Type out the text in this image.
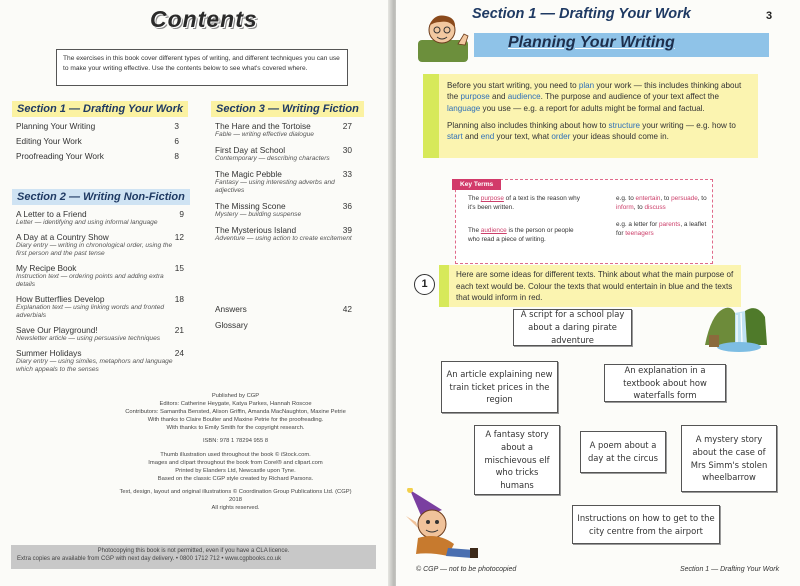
Contents
The exercises in this book cover different types of writing, and different techniques you can use to make your writing effective. Use the contents below to see what's covered where.
Section 1 — Drafting Your Work
Planning Your Writing	3
Editing Your Work	6
Proofreading Your Work	8
Section 2 — Writing Non-Fiction
A Letter to a Friend	9
Letter — identifying and using informal language
A Day at a Country Show	12
Diary entry — writing in chronological order, using the first person and the past tense
My Recipe Book	15
Instruction text — ordering points and adding extra details
How Butterflies Develop	18
Explanation text — using linking words and fronted adverbials
Save Our Playground!	21
Newsletter article — using persuasive techniques
Summer Holidays	24
Diary entry — using similes, metaphors and language which appeals to the senses
Section 3 — Writing Fiction
The Hare and the Tortoise	27
Fable — writing effective dialogue
First Day at School	30
Contemporary — describing characters
The Magic Pebble	33
Fantasy — using interesting adverbs and adjectives
The Missing Scone	36
Mystery — building suspense
The Mysterious Island	39
Adventure — using action to create excitement
Answers	42
Glossary
Published by CGP
Editors: Catherine Heygate, Katya Parkes, Hannah Roscoe
Contributors: Samantha Bensted, Alison Griffin, Amanda MacNaughton, Maxine Petrie
With thanks to Claire Boulter and Maxine Petrie for the proofreading.
With thanks to Emily Smith for the copyright research.
ISBN: 978 1 78294 955 8
Thumb illustration used throughout the book © iStock.com.
Images and clipart throughout the book from Corel® and clipart.com
Printed by Elanders Ltd, Newcastle upon Tyne.
Based on the classic CGP style created by Richard Parsons.
Text, design, layout and original illustrations © Coordination Group Publications Ltd. (CGP) 2018
All rights reserved.
Photocopying this book is not permitted, even if you have a CLA licence.
Extra copies are available from CGP with next day delivery. • 0800 1712 712 • www.cgpbooks.co.uk
Section 1 — Drafting Your Work	3
Planning Your Writing

Before you start writing, you need to plan your work — this includes thinking about the purpose and audience. The purpose and audience of your text affect the language you use — e.g. a report for adults might be formal and factual.

Planning also includes thinking about how to structure your writing — e.g. how to start and end your text, what order your ideas should come in.

The purpose of a text is the reason why it's been written.
e.g. to entertain, to persuade, to inform, to discuss
The audience is the person or people who read a piece of writing.
e.g. a letter for parents, a leaflet for teenagers
Key Terms
1
Here are some ideas for different texts. Think about what the main purpose of each text would be. Colour the texts that would entertain in blue and the texts that would inform in red.
A script for a school play about a daring pirate adventure
An article explaining new train ticket prices in the region
An explanation in a textbook about how waterfalls form
A fantasy story about a mischievous elf who tricks humans
A poem about a day at the circus
A mystery story about the case of Mrs Simm's stolen wheelbarrow
Instructions on how to get to the city centre from the airport
© CGP — not to be photocopied	Section 1 — Drafting Your Work
